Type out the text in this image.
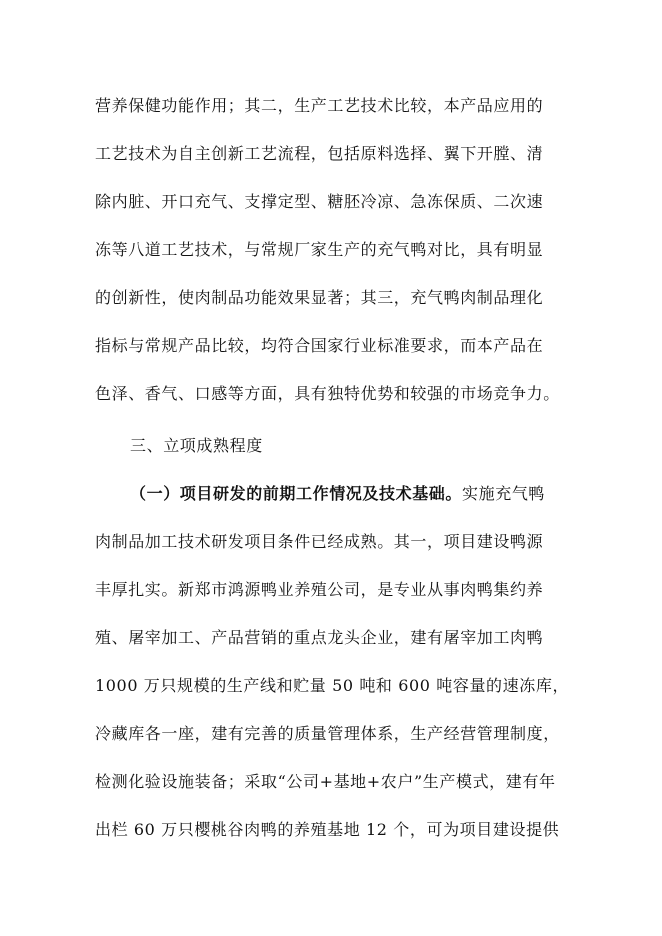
营养保健功能作用；其二，生产工艺技术比较，本产品应用的
工艺技术为自主创新工艺流程，包括原料选择、翼下开膛、清
除内脏、开口充气、支撑定型、糖胚冷凉、急冻保质、二次速
冻等八道工艺技术，与常规厂家生产的充气鸭对比，具有明显
的创新性，使肉制品功能效果显著；其三，充气鸭肉制品理化
指标与常规产品比较，均符合国家行业标准要求，而本产品在
色泽、香气、口感等方面，具有独特优势和较强的市场竞争力。
三、立项成熟程度
（一）项目研发的前期工作情况及技术基础。实施充气鸭
肉制品加工技术研发项目条件已经成熟。其一，项目建设鸭源
丰厚扎实。新郑市鸿源鸭业养殖公司，是专业从事肉鸭集约养
殖、屠宰加工、产品营销的重点龙头企业，建有屠宰加工肉鸭
1000 万只规模的生产线和贮量 50 吨和 600 吨容量的速冻库，
冷藏库各一座，建有完善的质量管理体系，生产经营管理制度，
检测化验设施装备；采取“公司+基地+农户”生产模式，建有年
出栏 60 万只樱桃谷肉鸭的养殖基地 12 个，可为项目建设提供
